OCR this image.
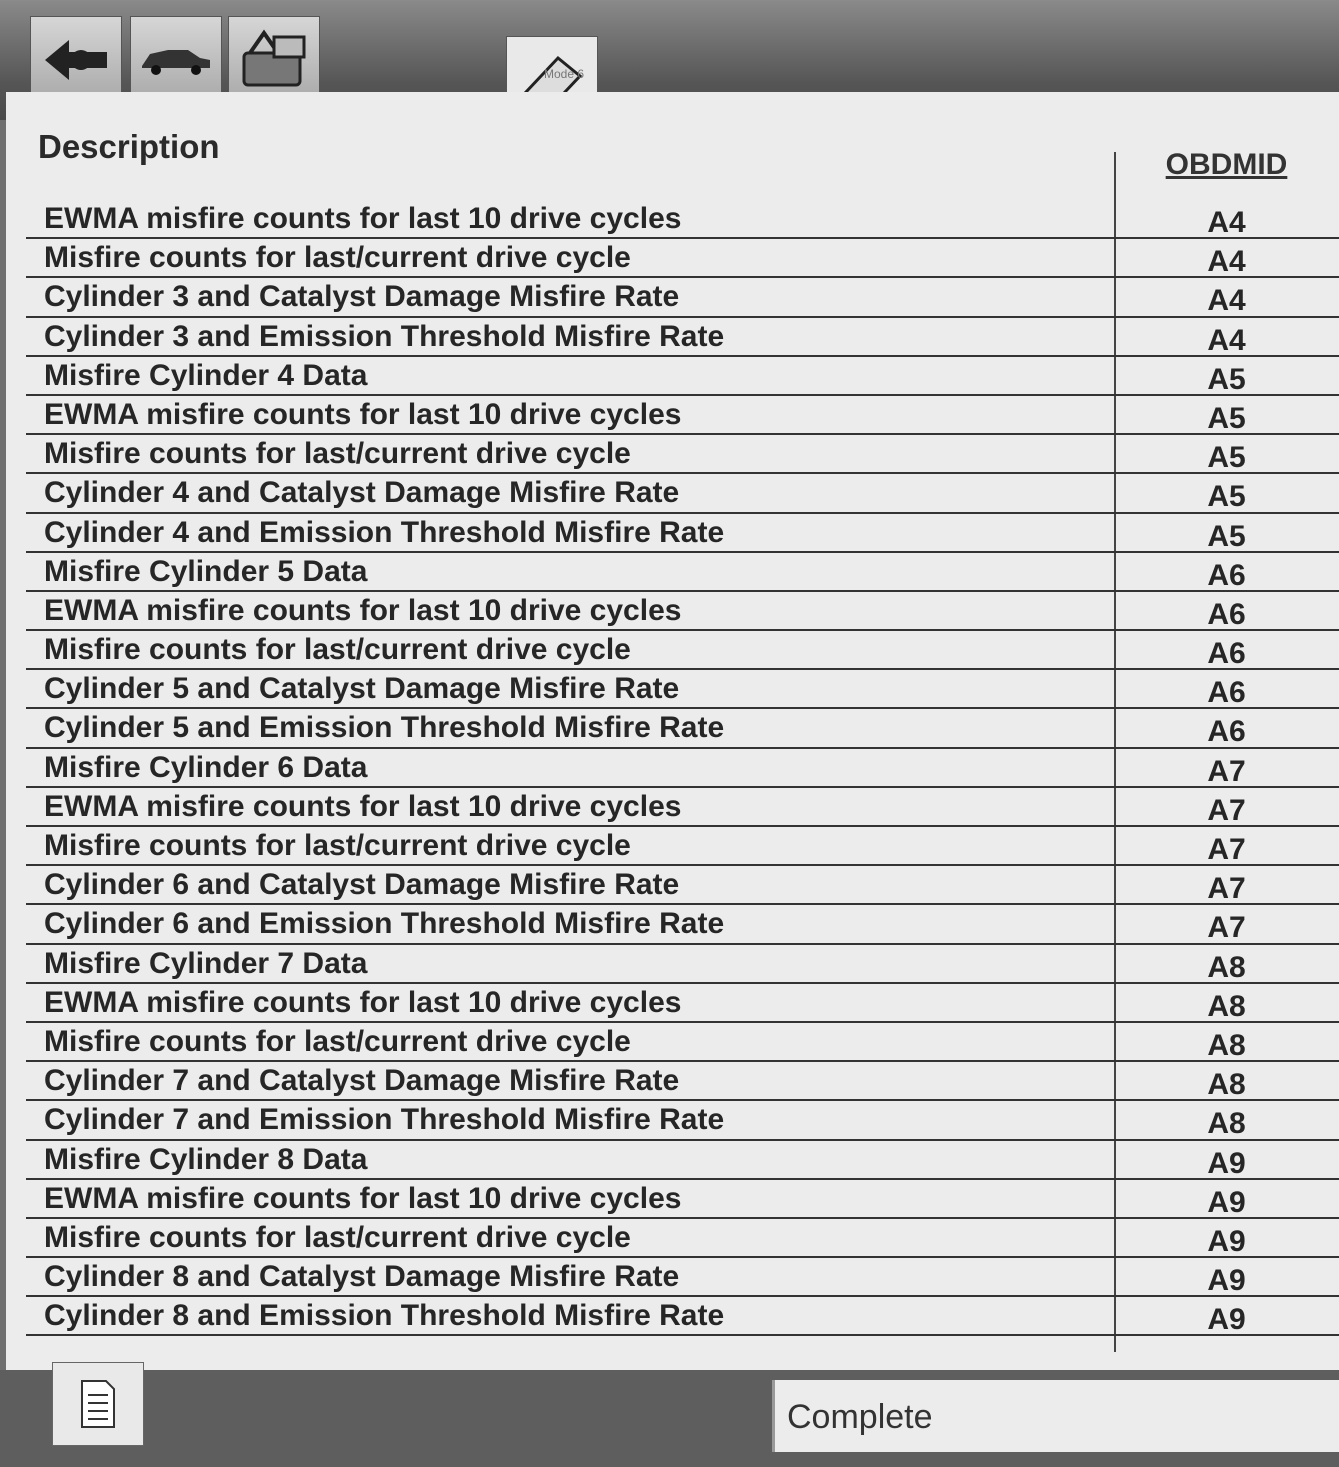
Mode 6
Description	OBDMID
EWMA misfire counts for last 10 drive cycles	A4
Misfire counts for last/current drive cycle	A4
Cylinder 3 and Catalyst Damage Misfire Rate	A4
Cylinder 3 and Emission Threshold Misfire Rate	A4
Misfire Cylinder 4 Data	A5
EWMA misfire counts for last 10 drive cycles	A5
Misfire counts for last/current drive cycle	A5
Cylinder 4 and Catalyst Damage Misfire Rate	A5
Cylinder 4 and Emission Threshold Misfire Rate	A5
Misfire Cylinder 5 Data	A6
EWMA misfire counts for last 10 drive cycles	A6
Misfire counts for last/current drive cycle	A6
Cylinder 5 and Catalyst Damage Misfire Rate	A6
Cylinder 5 and Emission Threshold Misfire Rate	A6
Misfire Cylinder 6 Data	A7
EWMA misfire counts for last 10 drive cycles	A7
Misfire counts for last/current drive cycle	A7
Cylinder 6 and Catalyst Damage Misfire Rate	A7
Cylinder 6 and Emission Threshold Misfire Rate	A7
Misfire Cylinder 7 Data	A8
EWMA misfire counts for last 10 drive cycles	A8
Misfire counts for last/current drive cycle	A8
Cylinder 7 and Catalyst Damage Misfire Rate	A8
Cylinder 7 and Emission Threshold Misfire Rate	A8
Misfire Cylinder 8 Data	A9
EWMA misfire counts for last 10 drive cycles	A9
Misfire counts for last/current drive cycle	A9
Cylinder 8 and Catalyst Damage Misfire Rate	A9
Cylinder 8 and Emission Threshold Misfire Rate	A9
Complete
